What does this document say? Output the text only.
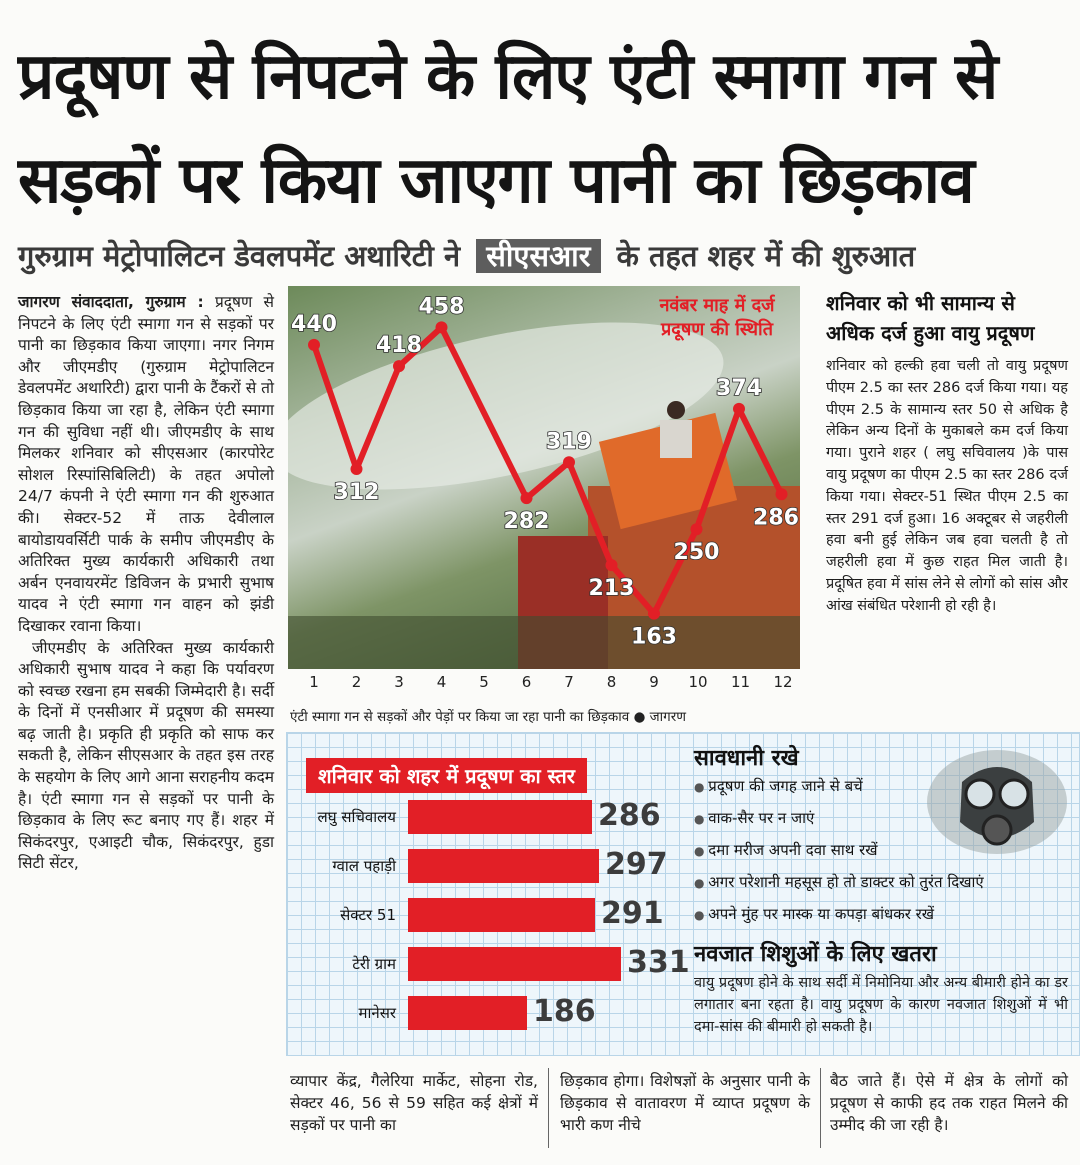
प्रदूषण से निपटने के लिए एंटी स्मागा गन से
सड़कों पर किया जाएगा पानी का छिड़काव
गुरुग्राम मेट्रोपालिटन डेवलपमेंट अथारिटी ने सीएसआर के तहत शहर में की शुरुआत

जागरण संवाददाता, गुरुग्राम : प्रदूषण से निपटने के लिए एंटी स्मागा गन से सड़कों पर पानी का छिड़काव किया जाएगा। नगर निगम और जीएमडीए (गुरुग्राम मेट्रोपालिटन डेवलपमेंट अथारिटी) द्वारा पानी के टैंकरों से तो छिड़काव किया जा रहा है, लेकिन एंटी स्मागा गन की सुविधा नहीं थी। जीएमडीए के साथ मिलकर शनिवार को सीएसआर (कारपोरेट सोशल रिस्पांसिबिलिटी) के तहत अपोलो 24/7 कंपनी ने एंटी स्मागा गन की शुरुआत की। सेक्टर-52 में ताऊ देवीलाल बायोडायवर्सिटी पार्क के समीप जीएमडीए के अतिरिक्त मुख्य कार्यकारी अधिकारी तथा अर्बन एनवायरमेंट डिविजन के प्रभारी सुभाष यादव ने एंटी स्मागा गन वाहन को झंडी दिखाकर रवाना किया।

जीएमडीए के अतिरिक्त मुख्य कार्यकारी अधिकारी सुभाष यादव ने कहा कि पर्यावरण को स्वच्छ रखना हम सबकी जिम्मेदारी है। सर्दी के दिनों में एनसीआर में प्रदूषण की समस्या बढ़ जाती है। प्रकृति ही प्रकृति को साफ कर सकती है, लेकिन सीएसआर के तहत इस तरह के सहयोग के लिए आगे आना सराहनीय कदम है। एंटी स्मागा गन से सड़कों पर पानी के छिड़काव के लिए रूट बनाए गए हैं। शहर में सिकंदरपुर, एआइटी चौक, सिकंदरपुर, हुडा सिटी सेंटर,

440
312
418
458
282
319
213
163
250
374
286
नवंबर माह में दर्ज प्रदूषण की स्थिति
1 2 3 4 5 6 7 8 9 10 11 12
एंटी स्मागा गन से सड़कों और पेड़ों पर किया जा रहा पानी का छिड़काव ● जागरण
शनिवार को भी सामान्य से अधिक दर्ज हुआ वायु प्रदूषण
शनिवार को हल्की हवा चली तो वायु प्रदूषण पीएम 2.5 का स्तर 286 दर्ज किया गया। यह पीएम 2.5 के सामान्य स्तर 50 से अधिक है लेकिन अन्य दिनों के मुकाबले कम दर्ज किया गया। पुराने शहर ( लघु सचिवालय )के पास वायु प्रदूषण का पीएम 2.5 का स्तर 286 दर्ज किया गया। सेक्टर-51 स्थित पीएम 2.5 का स्तर 291 दर्ज हुआ। 16 अक्टूबर से जहरीली हवा बनी हुई लेकिन जब हवा चलती है तो जहरीली हवा में कुछ राहत मिल जाती है। प्रदूषित हवा में सांस लेने से लोगों को सांस और आंख संबंधित परेशानी हो रही है।
शनिवार को शहर में प्रदूषण का स्तर
लघु सचिवालय	286
ग्वाल पहाड़ी	297
सेक्टर 51	291
टेरी ग्राम	331
मानेसर	186
सावधानी रखे
● प्रदूषण की जगह जाने से बचें
● वाक-सैर पर न जाएं
● दमा मरीज अपनी दवा साथ रखें
● अगर परेशानी महसूस हो तो डाक्टर को तुरंत दिखाएं
● अपने मुंह पर मास्क या कपड़ा बांधकर रखें
नवजात शिशुओं के लिए खतरा
वायु प्रदूषण होने के साथ सर्दी में निमोनिया और अन्य बीमारी होने का डर लगातार बना रहता है। वायु प्रदूषण के कारण नवजात शिशुओं में भी दमा-सांस की बीमारी हो सकती है।
व्यापार केंद्र, गैलेरिया मार्केट, सोहना रोड, सेक्टर 46, 56 से 59 सहित कई क्षेत्रों में सड़कों पर पानी का
छिड़काव होगा। विशेषज्ञों के अनुसार पानी के छिड़काव से वातावरण में व्याप्त प्रदूषण के भारी कण नीचे
बैठ जाते हैं। ऐसे में क्षेत्र के लोगों को प्रदूषण से काफी हद तक राहत मिलने की उम्मीद की जा रही है।
